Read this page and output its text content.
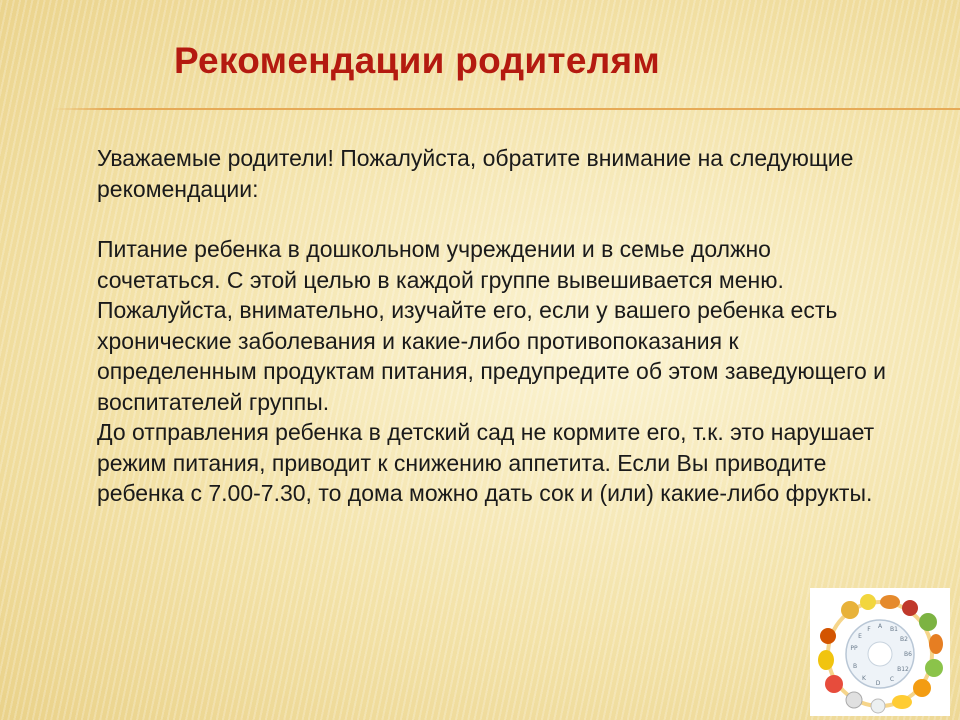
Рекомендации родителям

Уважаемые родители! Пожалуйста, обратите внимание на следующие рекомендации:

Питание ребенка в дошкольном учреждении и в семье должно сочетаться. С этой целью в каждой группе вывешивается меню. Пожалуйста, внимательно, изучайте его, если у вашего ребенка есть хронические заболевания и какие-либо противопоказания к определенным продуктам питания, предупредите об этом заведующего и воспитателей группы.

До отправления ребенка в детский сад не кормите его, т.к. это нарушает режим питания, приводит к снижению аппетита. Если Вы приводите ребенка с 7.00-7.30, то дома можно дать сок и (или) какие-либо фрукты.

A B1
B2
B6
B12
C
D
K
B
PP
E
F
